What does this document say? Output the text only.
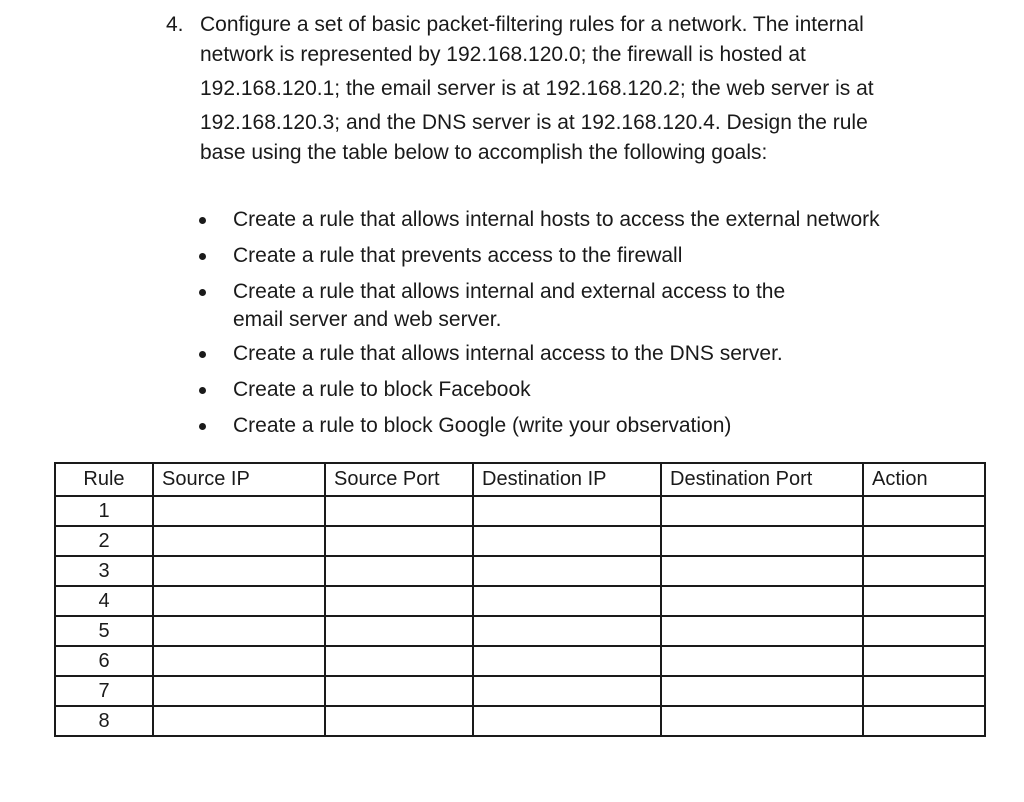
4. Configure a set of basic packet-filtering rules for a network. The internal
network is represented by 192.168.120.0; the firewall is hosted at
192.168.120.1; the email server is at 192.168.120.2; the web server is at
192.168.120.3; and the DNS server is at 192.168.120.4. Design the rule
base using the table below to accomplish the following goals:
Create a rule that allows internal hosts to access the external network
Create a rule that prevents access to the firewall
Create a rule that allows internal and external access to the
email server and web server.
Create a rule that allows internal access to the DNS server.
Create a rule to block Facebook
Create a rule to block Google (write your observation)
Rule	Source IP	Source Port	Destination IP	Destination Port	Action
1					
2					
3					
4					
5					
6					
7					
8					
